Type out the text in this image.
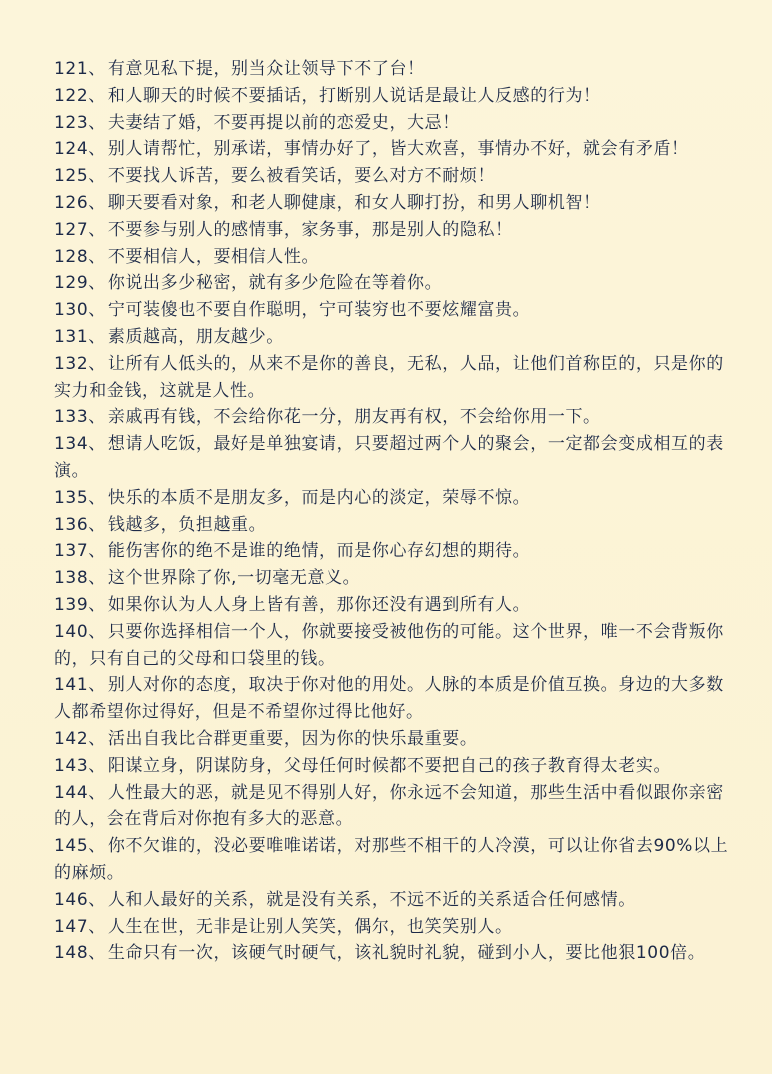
121、 有意见私下提，别当众让领导下不了台！
122、 和人聊天的时候不要插话，打断别人说话是最让人反感的行为！
123、 夫妻结了婚，不要再提以前的恋爱史，大忌！
124、 别人请帮忙，别承诺，事情办好了，皆大欢喜，事情办不好，就会有矛盾！
125、 不要找人诉苦，要么被看笑话，要么对方不耐烦！
126、 聊天要看对象，和老人聊健康，和女人聊打扮，和男人聊机智！
127、 不要参与别人的感情事，家务事，那是别人的隐私！
128、 不要相信人，要相信人性。
129、 你说出多少秘密，就有多少危险在等着你。
130、 宁可装傻也不要自作聪明，宁可装穷也不要炫耀富贵。
131、 素质越高，朋友越少。
132、 让所有人低头的，从来不是你的善良，无私，人品，让他们首称臣的，只是你的实力和金钱，这就是人性。
133、 亲戚再有钱，不会给你花一分，朋友再有权，不会给你用一下。
134、 想请人吃饭，最好是单独宴请，只要超过两个人的聚会，一定都会变成相互的表演。
135、 快乐的本质不是朋友多，而是内心的淡定，荣辱不惊。
136、 钱越多，负担越重。
137、 能伤害你的绝不是谁的绝情，而是你心存幻想的期待。
138、 这个世界除了你,一切毫无意义。
139、 如果你认为人人身上皆有善，那你还没有遇到所有人。
140、 只要你选择相信一个人，你就要接受被他伤的可能。这个世界，唯一不会背叛你的，只有自己的父母和口袋里的钱。
141、 别人对你的态度，取决于你对他的用处。人脉的本质是价值互换。身边的大多数人都希望你过得好，但是不希望你过得比他好。
142、 活出自我比合群更重要，因为你的快乐最重要。
143、 阳谋立身，阴谋防身，父母任何时候都不要把自己的孩子教育得太老实。
144、 人性最大的恶，就是见不得别人好，你永远不会知道，那些生活中看似跟你亲密的人，会在背后对你抱有多大的恶意。
145、 你不欠谁的，没必要唯唯诺诺，对那些不相干的人冷漠，可以让你省去90%以上的麻烦。
146、 人和人最好的关系，就是没有关系，不远不近的关系适合任何感情。
147、 人生在世，无非是让别人笑笑，偶尔，也笑笑别人。
148、 生命只有一次，该硬气时硬气，该礼貌时礼貌，碰到小人，要比他狠100倍。
